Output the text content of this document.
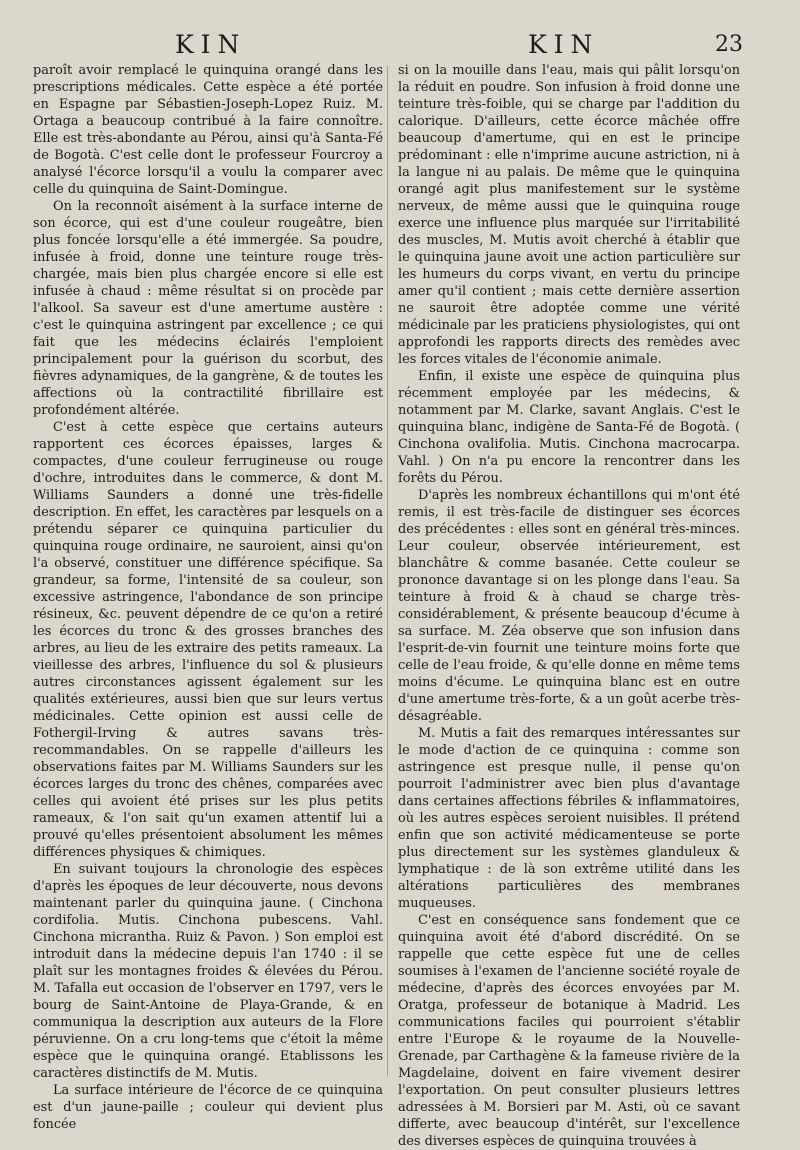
KIN	KIN	23

paroît avoir remplacé le quinquina orangé dans les prescriptions médicales. Cette espèce a été portée en Espagne par Sébastien-Joseph-Lopez Ruiz. M. Ortaga a beaucoup contribué à la faire connoître. Elle est très-abondante au Pérou, ainsi qu'à Santa-Fé de Bogotà. C'est celle dont le professeur Fourcroy a analysé l'écorce lorsqu'il a voulu la comparer avec celle du quinquina de Saint-Domingue.

On la reconnoît aisément à la surface interne de son écorce, qui est d'une couleur rougeâtre, bien plus foncée lorsqu'elle a été immergée. Sa poudre, infusée à froid, donne une teinture rouge très-chargée, mais bien plus chargée encore si elle est infusée à chaud : même résultat si on procède par l'alkool. Sa saveur est d'une amertume austère : c'est le quinquina astringent par excellence ; ce qui fait que les médecins éclairés l'emploient principalement pour la guérison du scorbut, des fièvres adynamiques, de la gangrène, & de toutes les affections où la contractilité fibrillaire est profondément altérée.

C'est à cette espèce que certains auteurs rapportent ces écorces épaisses, larges & compactes, d'une couleur ferrugineuse ou rouge d'ochre, introduites dans le commerce, & dont M. Williams Saunders a donné une très-fidelle description. En effet, les caractères par lesquels on a prétendu séparer ce quinquina particulier du quinquina rouge ordinaire, ne sauroient, ainsi qu'on l'a observé, constituer une différence spécifique. Sa grandeur, sa forme, l'intensité de sa couleur, son excessive astringence, l'abondance de son principe résineux, &c. peuvent dépendre de ce qu'on a retiré les écorces du tronc & des grosses branches des arbres, au lieu de les extraire des petits rameaux. La vieillesse des arbres, l'influence du sol & plusieurs autres circonstances agissent également sur les qualités extérieures, aussi bien que sur leurs vertus médicinales. Cette opinion est aussi celle de Fothergil-Irving & autres savans très-recommandables. On se rappelle d'ailleurs les observations faites par M. Williams Saunders sur les écorces larges du tronc des chênes, comparées avec celles qui avoient été prises sur les plus petits rameaux, & l'on sait qu'un examen attentif lui a prouvé qu'elles présentoient absolument les mêmes différences physiques & chimiques.

En suivant toujours la chronologie des espèces d'après les époques de leur découverte, nous devons maintenant parler du quinquina jaune. ( Cinchona cordifolia. Mutis. Cinchona pubescens. Vahl. Cinchona micrantha. Ruiz & Pavon. ) Son emploi est introduit dans la médecine depuis l'an 1740 : il se plaît sur les montagnes froides & élevées du Pérou. M. Tafalla eut occasion de l'observer en 1797, vers le bourg de Saint-Antoine de Playa-Grande, & en communiqua la description aux auteurs de la Flore péruvienne. On a cru long-tems que c'étoit la même espèce que le quinquina orangé. Etablissons les caractères distinctifs de M. Mutis.

La surface intérieure de l'écorce de ce quinquina est d'un jaune-paille ; couleur qui devient plus foncée

si on la mouille dans l'eau, mais qui pâlit lorsqu'on la réduit en poudre. Son infusion à froid donne une teinture très-foible, qui se charge par l'addition du calorique. D'ailleurs, cette écorce mâchée offre beaucoup d'amertume, qui en est le principe prédominant : elle n'imprime aucune astriction, ni à la langue ni au palais. De même que le quinquina orangé agit plus manifestement sur le système nerveux, de même aussi que le quinquina rouge exerce une influence plus marquée sur l'irritabilité des muscles, M. Mutis avoit cherché à établir que le quinquina jaune avoit une action particulière sur les humeurs du corps vivant, en vertu du principe amer qu'il contient ; mais cette dernière assertion ne sauroit être adoptée comme une vérité médicinale par les praticiens physiologistes, qui ont approfondi les rapports directs des remèdes avec les forces vitales de l'économie animale.

Enfin, il existe une espèce de quinquina plus récemment employée par les médecins, & notamment par M. Clarke, savant Anglais. C'est le quinquina blanc, indigène de Santa-Fé de Bogotà. ( Cinchona ovalifolia. Mutis. Cinchona macrocarpa. Vahl. ) On n'a pu encore la rencontrer dans les forêts du Pérou.

D'après les nombreux échantillons qui m'ont été remis, il est très-facile de distinguer ses écorces des précédentes : elles sont en général très-minces. Leur couleur, observée intérieurement, est blanchâtre & comme basanée. Cette couleur se prononce davantage si on les plonge dans l'eau. Sa teinture à froid & à chaud se charge très-considérablement, & présente beaucoup d'écume à sa surface. M. Zéa observe que son infusion dans l'esprit-de-vin fournit une teinture moins forte que celle de l'eau froide, & qu'elle donne en même tems moins d'écume. Le quinquina blanc est en outre d'une amertume très-forte, & a un goût acerbe très-désagréable.

M. Mutis a fait des remarques intéressantes sur le mode d'action de ce quinquina : comme son astringence est presque nulle, il pense qu'on pourroit l'administrer avec bien plus d'avantage dans certaines affections fébriles & inflammatoires, où les autres espèces seroient nuisibles. Il prétend enfin que son activité médicamenteuse se porte plus directement sur les systèmes glanduleux & lymphatique : de là son extrême utilité dans les altérations particulières des membranes muqueuses.

C'est en conséquence sans fondement que ce quinquina avoit été d'abord discrédité. On se rappelle que cette espèce fut une de celles soumises à l'examen de l'ancienne société royale de médecine, d'après des écorces envoyées par M. Oratga, professeur de botanique à Madrid. Les communications faciles qui pourroient s'établir entre l'Europe & le royaume de la Nouvelle-Grenade, par Carthagène & la fameuse rivière de la Magdelaine, doivent en faire vivement desirer l'exportation. On peut consulter plusieurs lettres adressées à M. Borsieri par M. Asti, où ce savant differte, avec beaucoup d'intérêt, sur l'excellence des diverses espèces de quinquina trouvées à
